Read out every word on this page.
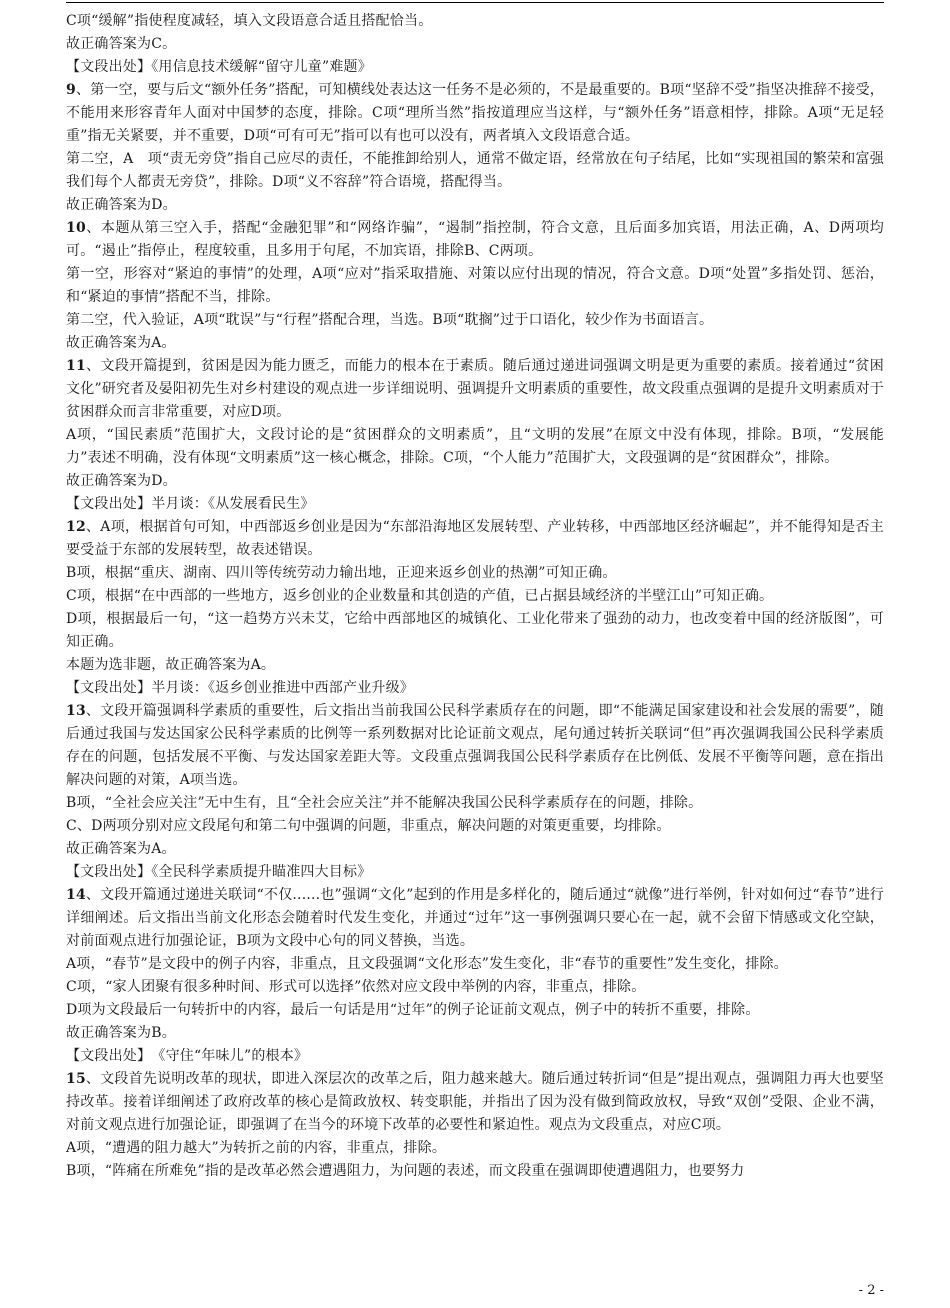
C项“缓解”指使程度减轻，填入文段语意合适且搭配恰当。

故正确答案为C。

【文段出处】《用信息技术缓解“留守儿童”难题》

9、第一空，要与后文“额外任务”搭配，可知横线处表达这一任务不是必须的，不是最重要的。B项“坚辞不受”指坚决推辞不接受，不能用来形容青年人面对中国梦的态度，排除。C项“理所当然”指按道理应当这样，与“额外任务”语意相悖，排除。A项“无足轻重”指无关紧要，并不重要，D项“可有可无”指可以有也可以没有，两者填入文段语意合适。

第二空，A　项“责无旁贷”指自己应尽的责任，不能推卸给别人，通常不做定语，经常放在句子结尾，比如“实现祖国的繁荣和富强我们每个人都责无旁贷”，排除。D项“义不容辞”符合语境，搭配得当。

故正确答案为D。

10、本题从第三空入手，搭配“金融犯罪”和“网络诈骗”，“遏制”指控制，符合文意，且后面多加宾语，用法正确，A、D两项均可。“遏止”指停止，程度较重，且多用于句尾，不加宾语，排除B、C两项。

第一空，形容对“紧迫的事情”的处理，A项“应对”指采取措施、对策以应付出现的情况，符合文意。D项“处置”多指处罚、惩治，和“紧迫的事情”搭配不当，排除。

第二空，代入验证，A项“耽误”与“行程”搭配合理，当选。B项“耽搁”过于口语化，较少作为书面语言。

故正确答案为A。

11、文段开篇提到，贫困是因为能力匮乏，而能力的根本在于素质。随后通过递进词强调文明是更为重要的素质。接着通过“贫困文化”研究者及晏阳初先生对乡村建设的观点进一步详细说明、强调提升文明素质的重要性，故文段重点强调的是提升文明素质对于贫困群众而言非常重要，对应D项。

A项，“国民素质”范围扩大，文段讨论的是“贫困群众的文明素质”，且“文明的发展”在原文中没有体现，排除。B项，“发展能力”表述不明确，没有体现“文明素质”这一核心概念，排除。C项，“个人能力”范围扩大，文段强调的是“贫困群众”，排除。

故正确答案为D。

【文段出处】半月谈：《从发展看民生》

12、A项，根据首句可知，中西部返乡创业是因为“东部沿海地区发展转型、产业转移，中西部地区经济崛起”，并不能得知是否主要受益于东部的发展转型，故表述错误。

B项，根据“重庆、湖南、四川等传统劳动力输出地，正迎来返乡创业的热潮”可知正确。

C项，根据“在中西部的一些地方，返乡创业的企业数量和其创造的产值，已占据县域经济的半壁江山”可知正确。

D项，根据最后一句，“这一趋势方兴未艾，它给中西部地区的城镇化、工业化带来了强劲的动力，也改变着中国的经济版图”，可知正确。

本题为选非题，故正确答案为A。

【文段出处】半月谈：《返乡创业推进中西部产业升级》

13、文段开篇强调科学素质的重要性，后文指出当前我国公民科学素质存在的问题，即“不能满足国家建设和社会发展的需要”，随后通过我国与发达国家公民科学素质的比例等一系列数据对比论证前文观点，尾句通过转折关联词“但”再次强调我国公民科学素质存在的问题，包括发展不平衡、与发达国家差距大等。文段重点强调我国公民科学素质存在比例低、发展不平衡等问题，意在指出解决问题的对策，A项当选。

B项，“全社会应关注”无中生有，且“全社会应关注”并不能解决我国公民科学素质存在的问题，排除。

C、D两项分别对应文段尾句和第二句中强调的问题，非重点，解决问题的对策更重要，均排除。

故正确答案为A。

【文段出处】《全民科学素质提升瞄准四大目标》

14、文段开篇通过递进关联词“不仅......也”强调“文化”起到的作用是多样化的，随后通过“就像”进行举例，针对如何过“春节”进行详细阐述。后文指出当前文化形态会随着时代发生变化，并通过“过年”这一事例强调只要心在一起，就不会留下情感或文化空缺，对前面观点进行加强论证，B项为文段中心句的同义替换，当选。

A项，“春节”是文段中的例子内容，非重点，且文段强调“文化形态”发生变化，非“春节的重要性”发生变化，排除。

C项，“家人团聚有很多种时间、形式可以选择”依然对应文段中举例的内容，非重点，排除。

D项为文段最后一句转折中的内容，最后一句话是用“过年”的例子论证前文观点，例子中的转折不重要，排除。

故正确答案为B。

【文段出处】　《守住“年味儿”的根本》

15、文段首先说明改革的现状，即进入深层次的改革之后，阻力越来越大。随后通过转折词“但是”提出观点，强调阻力再大也要坚持改革。接着详细阐述了政府改革的核心是简政放权、转变职能，并指出了因为没有做到简政放权，导致“双创”受限、企业不满，对前文观点进行加强论证，即强调了在当今的环境下改革的必要性和紧迫性。观点为文段重点，对应C项。

A项，“遭遇的阻力越大”为转折之前的内容，非重点，排除。

B项，“阵痛在所难免”指的是改革必然会遭遇阻力，为问题的表述，而文段重在强调即使遭遇阻力，也要努力

- 2 -
